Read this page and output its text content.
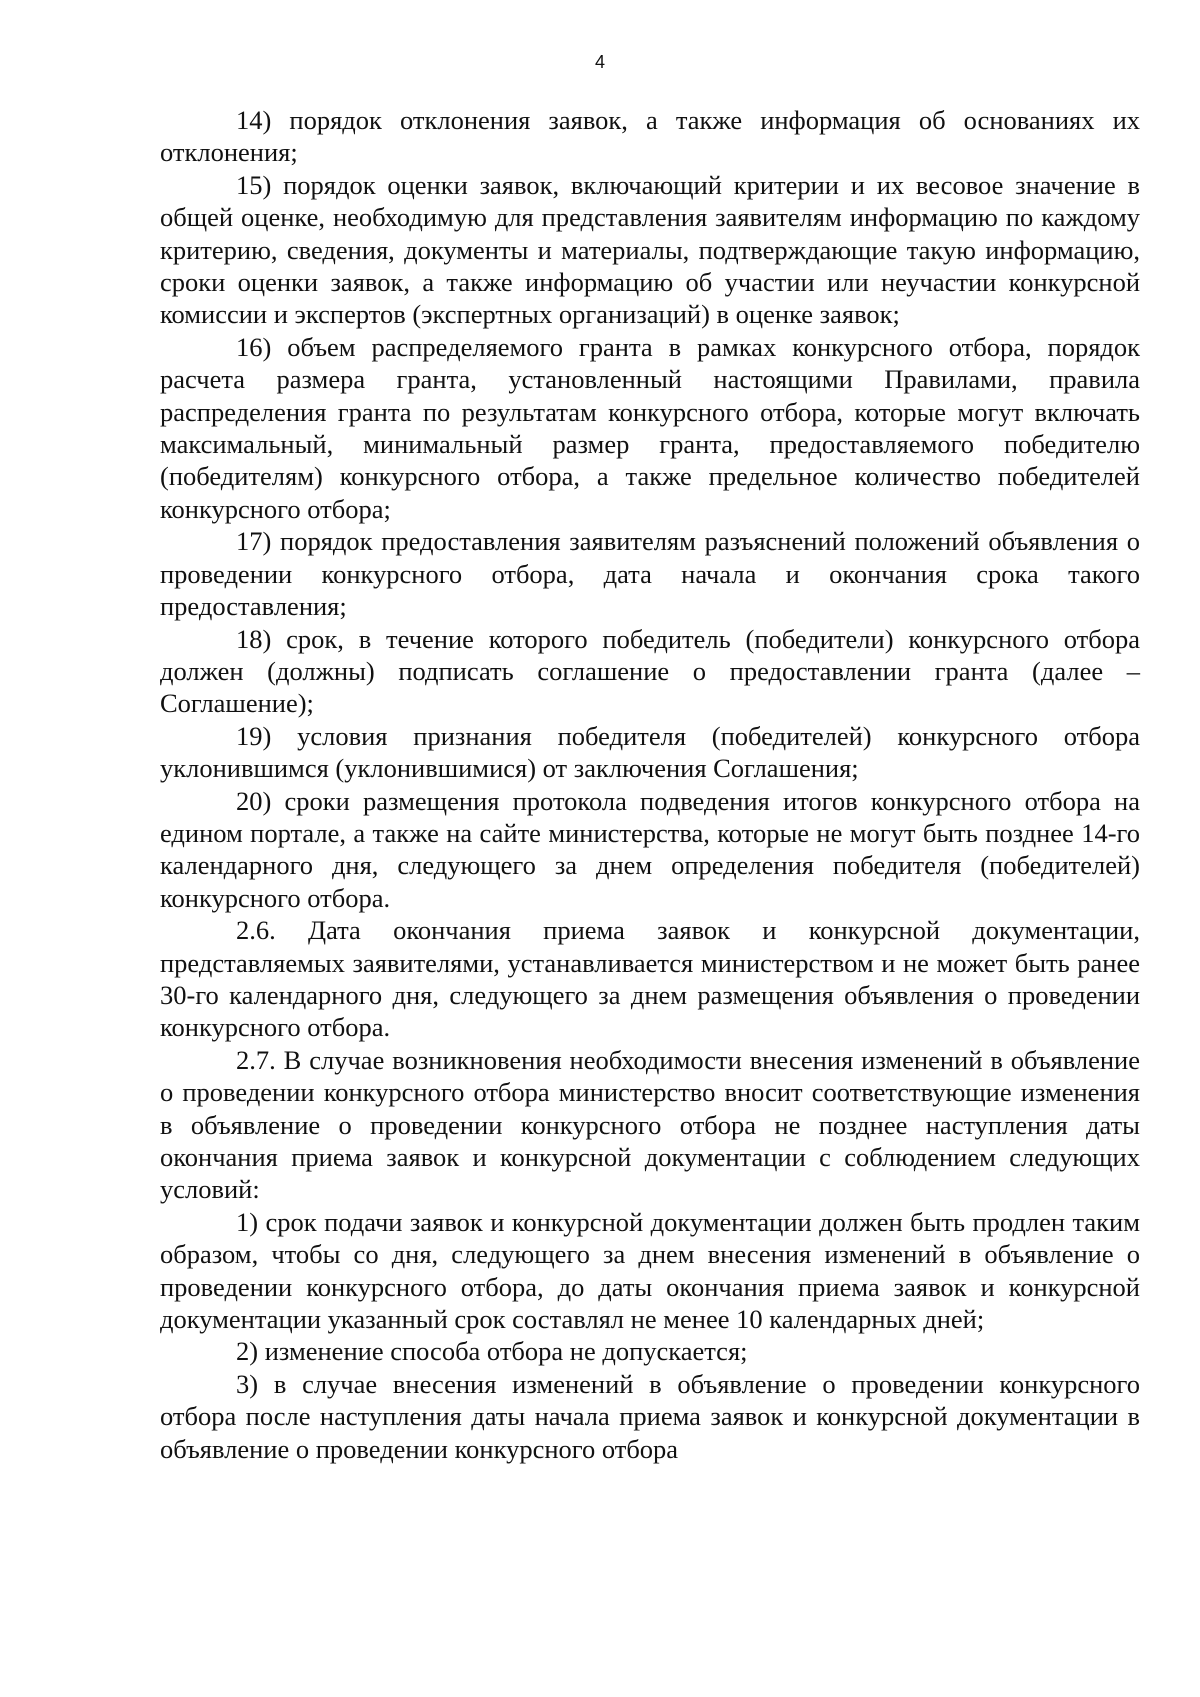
4

14) порядок отклонения заявок, а также информация об основаниях их отклонения;

15) порядок оценки заявок, включающий критерии и их весовое значение в общей оценке, необходимую для представления заявителям информацию по каждому критерию, сведения, документы и материалы, подтверждающие такую информацию, сроки оценки заявок, а также информацию об участии или неучастии конкурсной комиссии и экспертов (экспертных организаций) в оценке заявок;

16) объем распределяемого гранта в рамках конкурсного отбора, порядок расчета размера гранта, установленный настоящими Правилами, правила распределения гранта по результатам конкурсного отбора, которые могут включать максимальный, минимальный размер гранта, предоставляемого победителю (победителям) конкурсного отбора, а также предельное количество победителей конкурсного отбора;

17) порядок предоставления заявителям разъяснений положений объявления о проведении конкурсного отбора, дата начала и окончания срока такого предоставления;

18) срок, в течение которого победитель (победители) конкурсного отбора должен (должны) подписать соглашение о предоставлении гранта (далее – Соглашение);

19) условия признания победителя (победителей) конкурсного отбора уклонившимся (уклонившимися) от заключения Соглашения;

20) сроки размещения протокола подведения итогов конкурсного отбора на едином портале, а также на сайте министерства, которые не могут быть позднее 14-го календарного дня, следующего за днем определения победителя (победителей) конкурсного отбора.

2.6. Дата окончания приема заявок и конкурсной документации, представляемых заявителями, устанавливается министерством и не может быть ранее 30-го календарного дня, следующего за днем размещения объявления о проведении конкурсного отбора.

2.7. В случае возникновения необходимости внесения изменений в объявление о проведении конкурсного отбора министерство вносит соответствующие изменения в объявление о проведении конкурсного отбора не позднее наступления даты окончания приема заявок и конкурсной документации с соблюдением следующих условий:

1) срок подачи заявок и конкурсной документации должен быть продлен таким образом, чтобы со дня, следующего за днем внесения изменений в объявление о проведении конкурсного отбора, до даты окончания приема заявок и конкурсной документации указанный срок составлял не менее 10 календарных дней;

2) изменение способа отбора не допускается;

3) в случае внесения изменений в объявление о проведении конкурсного отбора после наступления даты начала приема заявок и конкурсной документации в объявление о проведении конкурсного отбора
